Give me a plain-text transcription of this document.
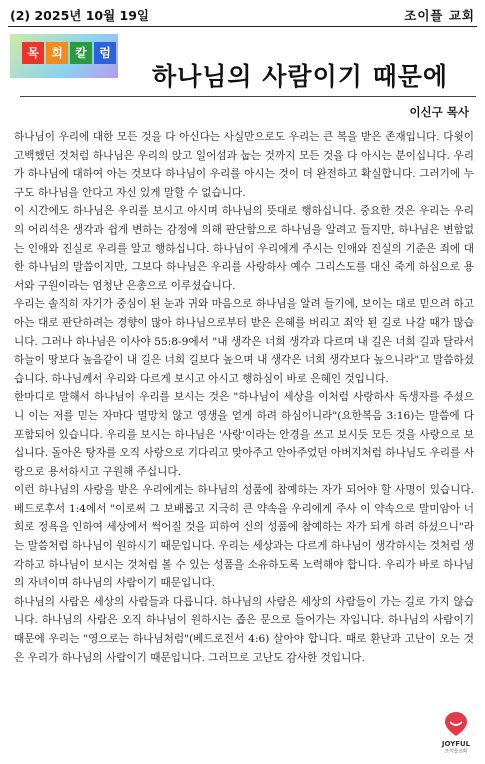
(2) 2025년 10월 19일	조이플 교회
목	회	칼	럼
하나님의 사람이기 때문에
이신구 목사

하나님이 우리에 대한 모든 것을 다 아신다는 사실만으로도 우리는 큰 복을 받은 존재입니다. 다윗이 고백했던 것처럼 하나님은 우리의 앉고 일어섬과 눕는 것까지 모든 것을 다 아시는 분이십니다. 우리가 하나님에 대하여 아는 것보다 하나님이 우리를 아시는 것이 더 완전하고 확실합니다. 그러기에 누구도 하나님을 안다고 자신 있게 말할 수 없습니다.

이 시간에도 하나님은 우리를 보시고 아시며 하나님의 뜻대로 행하십니다. 중요한 것은 우리는 우리의 어리석은 생각과 쉽게 변하는 감정에 의해 판단함으로 하나님을 알려고 들지만, 하나님은 변함없는 인애와 진실로 우리를 알고 행하십니다. 하나님이 우리에게 주시는 인애와 진실의 기준은 죄에 대한 하나님의 말씀이지만, 그보다 하나님은 우리를 사랑하사 예수 그리스도를 대신 죽게 하심으로 용서와 구원이라는 엄청난 은총으로 이루셨습니다.

우리는 솔직히 자기가 중심이 된 눈과 귀와 마음으로 하나님을 알려 들기에, 보이는 대로 믿으려 하고 아는 대로 판단하려는 경향이 많아 하나님으로부터 받은 은혜를 버리고 죄악 된 길로 나갈 때가 많습니다. 그러나 하나님은 이사야 55:8-9에서 "내 생각은 너희 생각과 다르며 내 길은 너희 길과 달라서 하늘이 땅보다 높음같이 내 길은 너희 길보다 높으며 내 생각은 너희 생각보다 높으니라"고 말씀하셨습니다. 하나님께서 우리와 다르게 보시고 아시고 행하심이 바로 은혜인 것입니다.

한마디로 말해서 하나님이 우리를 보시는 것은 "하나님이 세상을 이처럼 사랑하사 독생자를 주셨으니 이는 저를 믿는 자마다 멸망치 않고 영생을 얻게 하려 하심이니라"(요한복음 3:16)는 말씀에 다 포함되어 있습니다. 우리를 보시는 하나님은 '사랑'이라는 안경을 쓰고 보시듯 모든 것을 사랑으로 보십니다. 돌아온 탕자를 오직 사랑으로 기다리고 맞아주고 안아주었던 아버지처럼 하나님도 우리를 사랑으로 용서하시고 구원해 주십니다.

이런 하나님의 사랑을 받은 우리에게는 하나님의 성품에 참예하는 자가 되어야 할 사명이 있습니다. 베드로후서 1:4에서 "이로써 그 보배롭고 지극히 큰 약속을 우리에게 주사 이 약속으로 말미암아 너희로 정욕을 인하여 세상에서 썩어질 것을 피하여 신의 성품에 참예하는 자가 되게 하려 하셨으니"라는 말씀처럼 하나님이 원하시기 때문입니다. 우리는 세상과는 다르게 하나님이 생각하시는 것처럼 생각하고 하나님이 보시는 것처럼 볼 수 있는 성품을 소유하도록 노력해야 합니다. 우리가 바로 하나님의 자녀이며 하나님의 사람이기 때문입니다.

하나님의 사람은 세상의 사람들과 다릅니다. 하나님의 사람은 세상의 사람들이 가는 길로 가지 않습니다. 하나님의 사람은 오직 하나님이 원하시는 좁은 문으로 들어가는 자입니다. 하나님의 사람이기 때문에 우리는 "영으로는 하나님처럼"(베드로전서 4:6) 살아야 합니다. 때로 환난과 고난이 오는 것은 우리가 하나님의 사람이기 때문입니다. 그러므로 고난도 감사한 것입니다.

JOYFUL
조이플교회
